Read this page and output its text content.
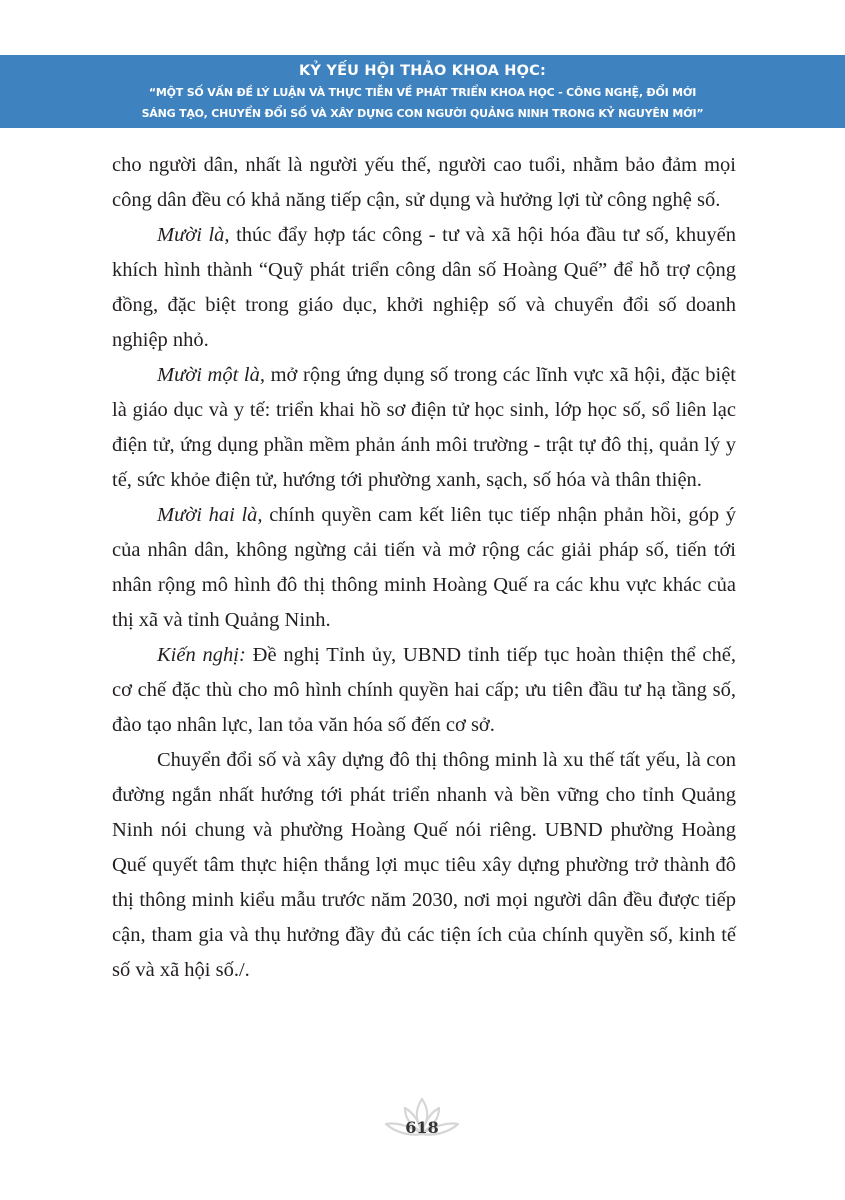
KỶ YẾU HỘI THẢO KHOA HỌC:
“MỘT SỐ VẤN ĐỀ LÝ LUẬN VÀ THỰC TIỄN VỀ PHÁT TRIỂN KHOA HỌC - CÔNG NGHỆ, ĐỔI MỚI
SÁNG TẠO, CHUYỂN ĐỔI SỐ VÀ XÂY DỰNG CON NGƯỜI QUẢNG NINH TRONG KỶ NGUYÊN MỚI”

cho người dân, nhất là người yếu thế, người cao tuổi, nhằm bảo đảm mọi công dân đều có khả năng tiếp cận, sử dụng và hưởng lợi từ công nghệ số.

Mười là, thúc đẩy hợp tác công - tư và xã hội hóa đầu tư số, khuyến khích hình thành “Quỹ phát triển công dân số Hoàng Quế” để hỗ trợ cộng đồng, đặc biệt trong giáo dục, khởi nghiệp số và chuyển đổi số doanh nghiệp nhỏ.

Mười một là, mở rộng ứng dụng số trong các lĩnh vực xã hội, đặc biệt là giáo dục và y tế: triển khai hồ sơ điện tử học sinh, lớp học số, sổ liên lạc điện tử, ứng dụng phần mềm phản ánh môi trường - trật tự đô thị, quản lý y tế, sức khỏe điện tử, hướng tới phường xanh, sạch, số hóa và thân thiện.

Mười hai là, chính quyền cam kết liên tục tiếp nhận phản hồi, góp ý của nhân dân, không ngừng cải tiến và mở rộng các giải pháp số, tiến tới nhân rộng mô hình đô thị thông minh Hoàng Quế ra các khu vực khác của thị xã và tỉnh Quảng Ninh.

Kiến nghị: Đề nghị Tỉnh ủy, UBND tỉnh tiếp tục hoàn thiện thể chế, cơ chế đặc thù cho mô hình chính quyền hai cấp; ưu tiên đầu tư hạ tầng số, đào tạo nhân lực, lan tỏa văn hóa số đến cơ sở.

Chuyển đổi số và xây dựng đô thị thông minh là xu thế tất yếu, là con đường ngắn nhất hướng tới phát triển nhanh và bền vững cho tỉnh Quảng Ninh nói chung và phường Hoàng Quế nói riêng. UBND phường Hoàng Quế quyết tâm thực hiện thắng lợi mục tiêu xây dựng phường trở thành đô thị thông minh kiểu mẫu trước năm 2030, nơi mọi người dân đều được tiếp cận, tham gia và thụ hưởng đầy đủ các tiện ích của chính quyền số, kinh tế số và xã hội số./.

618
